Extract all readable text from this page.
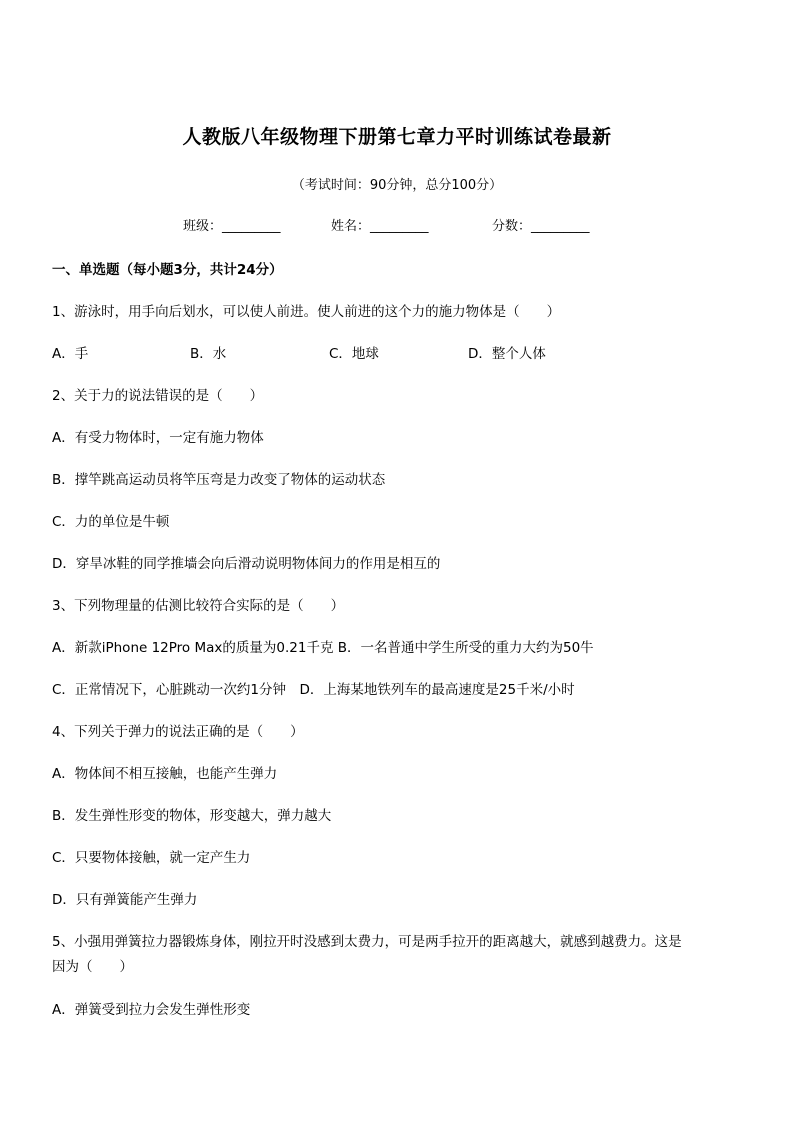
人教版八年级物理下册第七章力平时训练试卷最新
（考试时间：90分钟，总分100分）
班级：_________	姓名：_________	分数：_________
一、单选题（每小题3分，共计24分）
1、游泳时，用手向后划水，可以使人前进。使人前进的这个力的施力物体是（　　）
A．手	B．水	C．地球	D．整个人体
2、关于力的说法错误的是（　　）
A．有受力物体时，一定有施力物体
B．撑竿跳高运动员将竿压弯是力改变了物体的运动状态
C．力的单位是牛顿
D．穿旱冰鞋的同学推墙会向后滑动说明物体间力的作用是相互的
3、下列物理量的估测比较符合实际的是（　　）
A．新款iPhone 12Pro Max的质量为0.21千克 B．一名普通中学生所受的重力大约为50牛
C．正常情况下，心脏跳动一次约1分钟　D．上海某地铁列车的最高速度是25千米/小时
4、下列关于弹力的说法正确的是（　　）
A．物体间不相互接触，也能产生弹力
B．发生弹性形变的物体，形变越大，弹力越大
C．只要物体接触，就一定产生力
D．只有弹簧能产生弹力
5、小强用弹簧拉力器锻炼身体，刚拉开时没感到太费力，可是两手拉开的距离越大，就感到越费力。这是
因为（　　）
A．弹簧受到拉力会发生弹性形变
